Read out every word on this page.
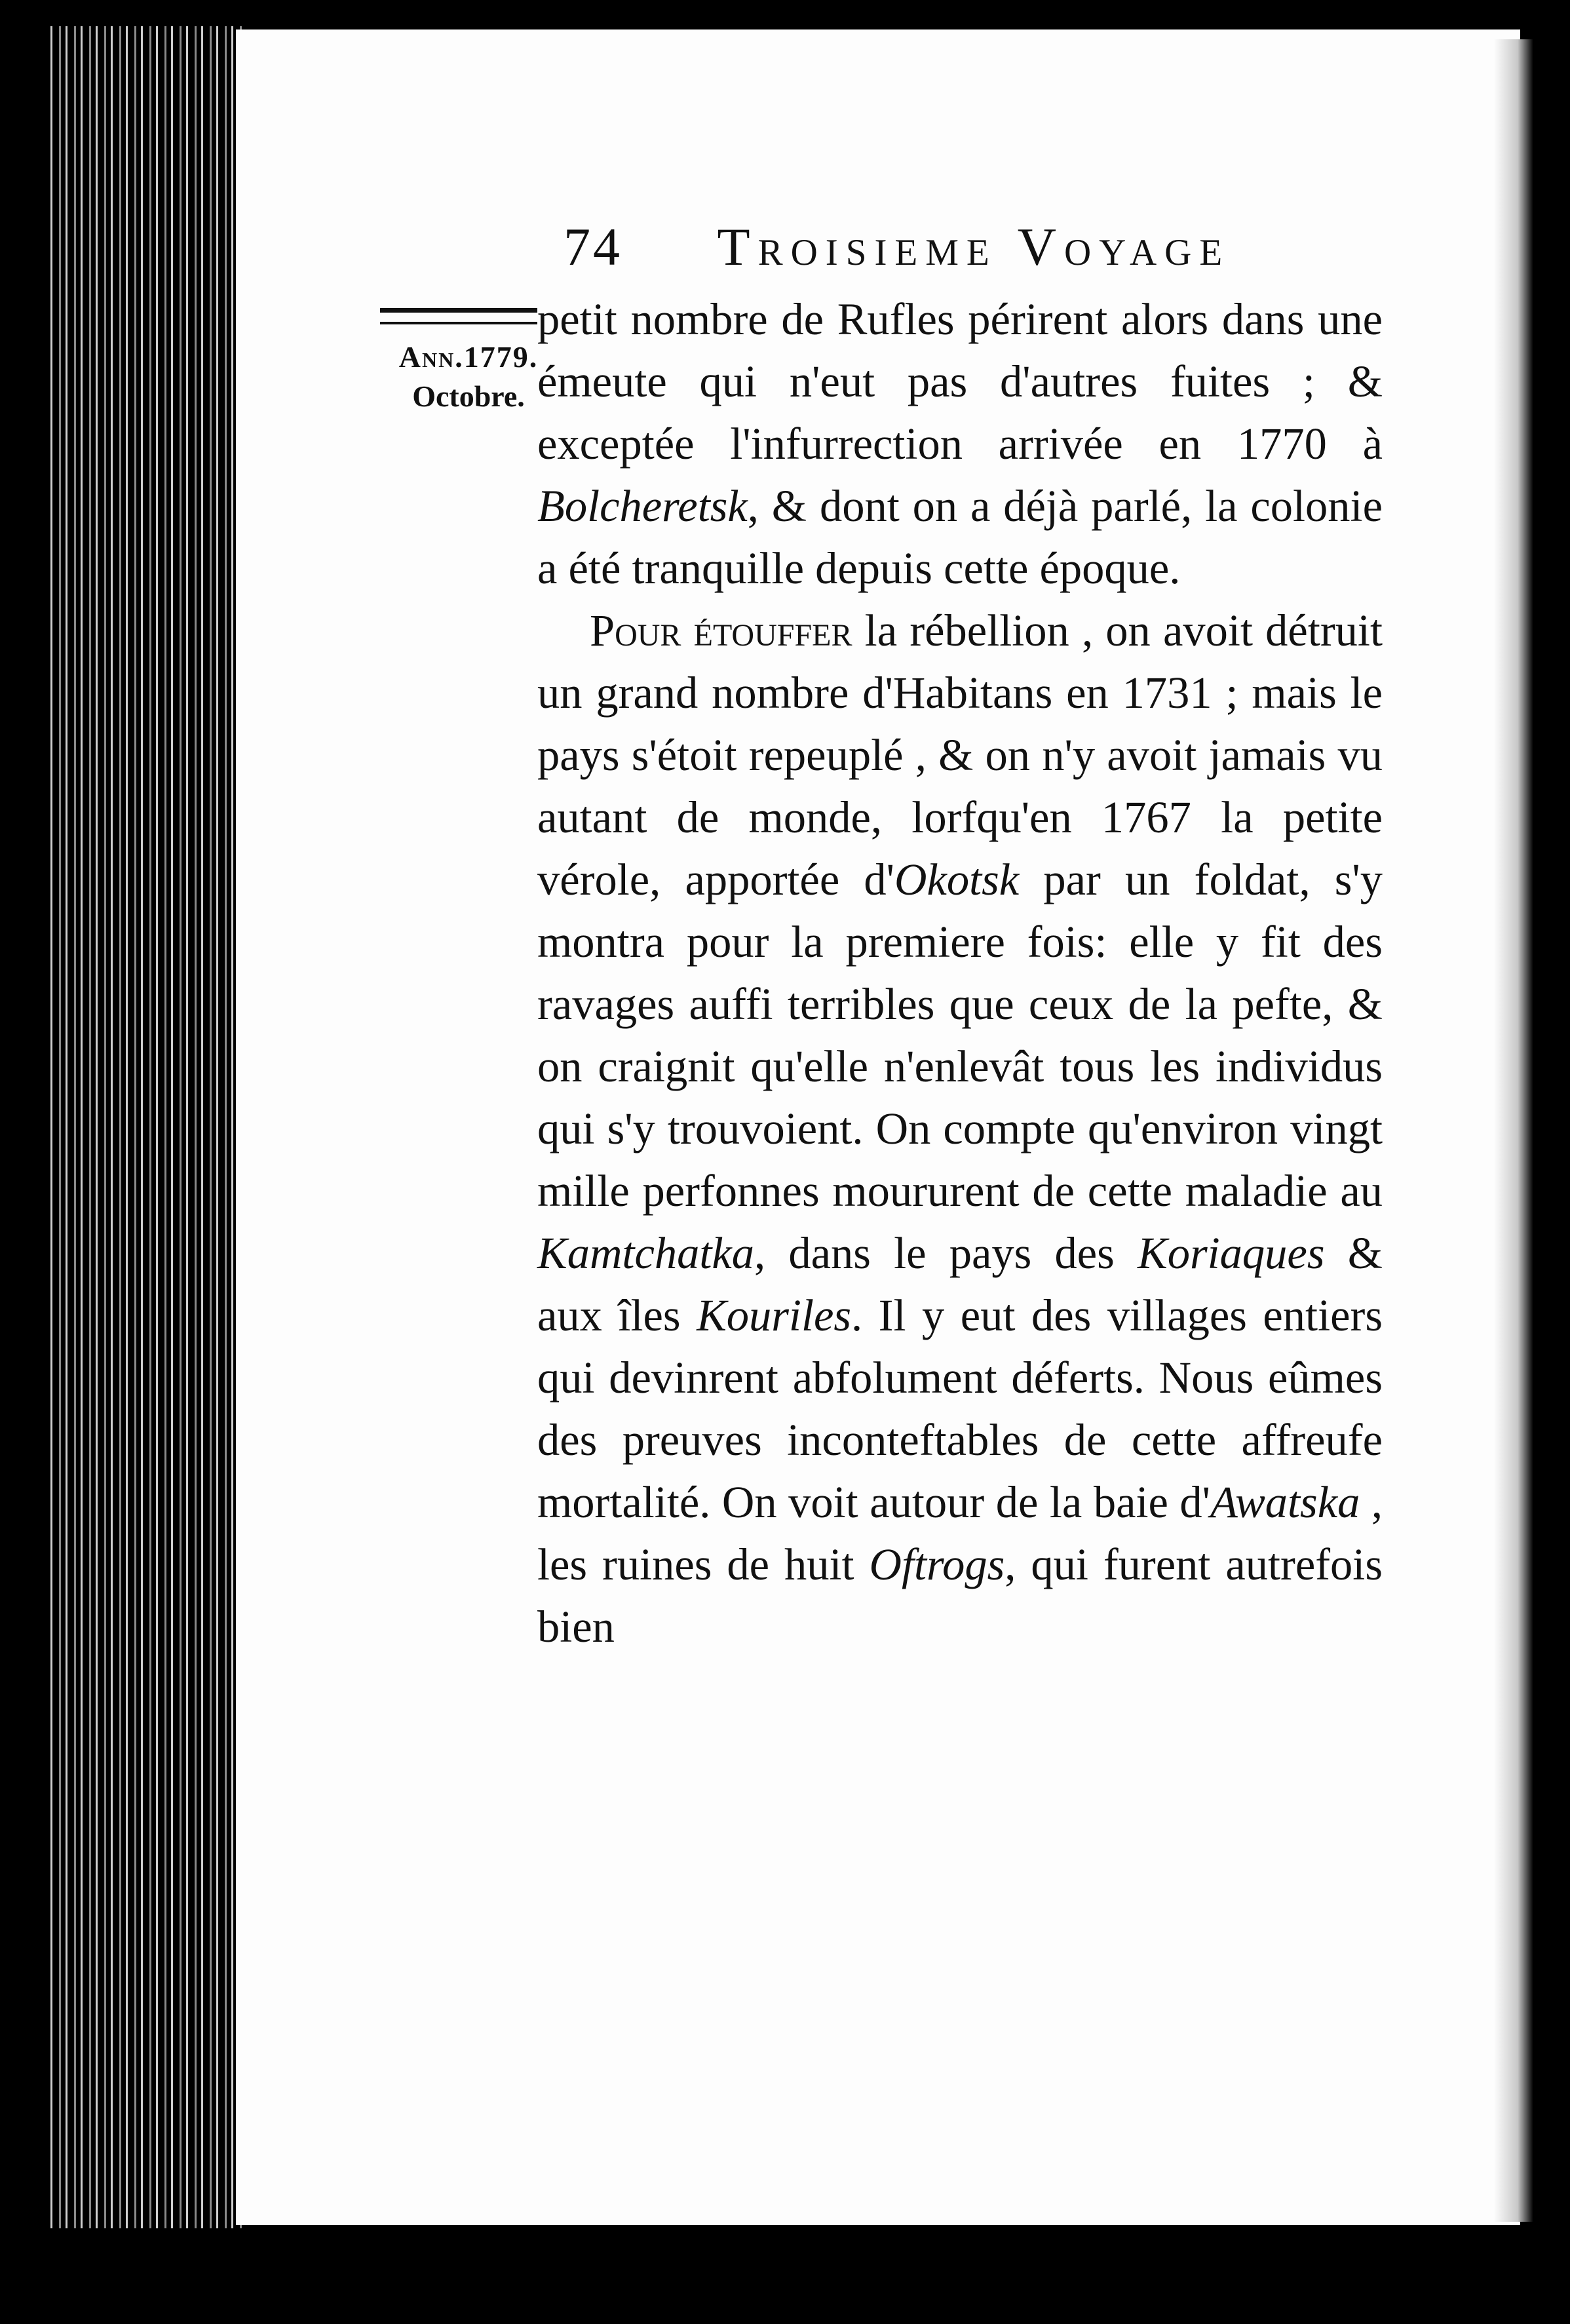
74 Troisieme Voyage
Ann.1779.
Octobre.

petit nombre de Rufles périrent alors dans une émeute qui n'eut pas d'autres fuites ; & exceptée l'infurrection arrivée en 1770 à Bolcheretsk, & dont on a déjà parlé, la colonie a été tranquille depuis cette époque.

Pour étouffer la rébellion , on avoit détruit un grand nombre d'Habitans en 1731 ; mais le pays s'étoit repeuplé , & on n'y avoit jamais vu autant de monde, lorfqu'en 1767 la petite vérole, apportée d'Okotsk par un foldat, s'y montra pour la premiere fois: elle y fit des ravages auffi terribles que ceux de la pefte, & on craignit qu'elle n'enlevât tous les individus qui s'y trouvoient. On compte qu'environ vingt mille perfonnes moururent de cette maladie au Kamtchatka, dans le pays des Koriaques & aux îles Kouriles. Il y eut des villages entiers qui devinrent abfolument déferts. Nous eûmes des preuves inconteftables de cette affreufe mortalité. On voit autour de la baie d'Awatska , les ruines de huit Oftrogs, qui furent autrefois bien
